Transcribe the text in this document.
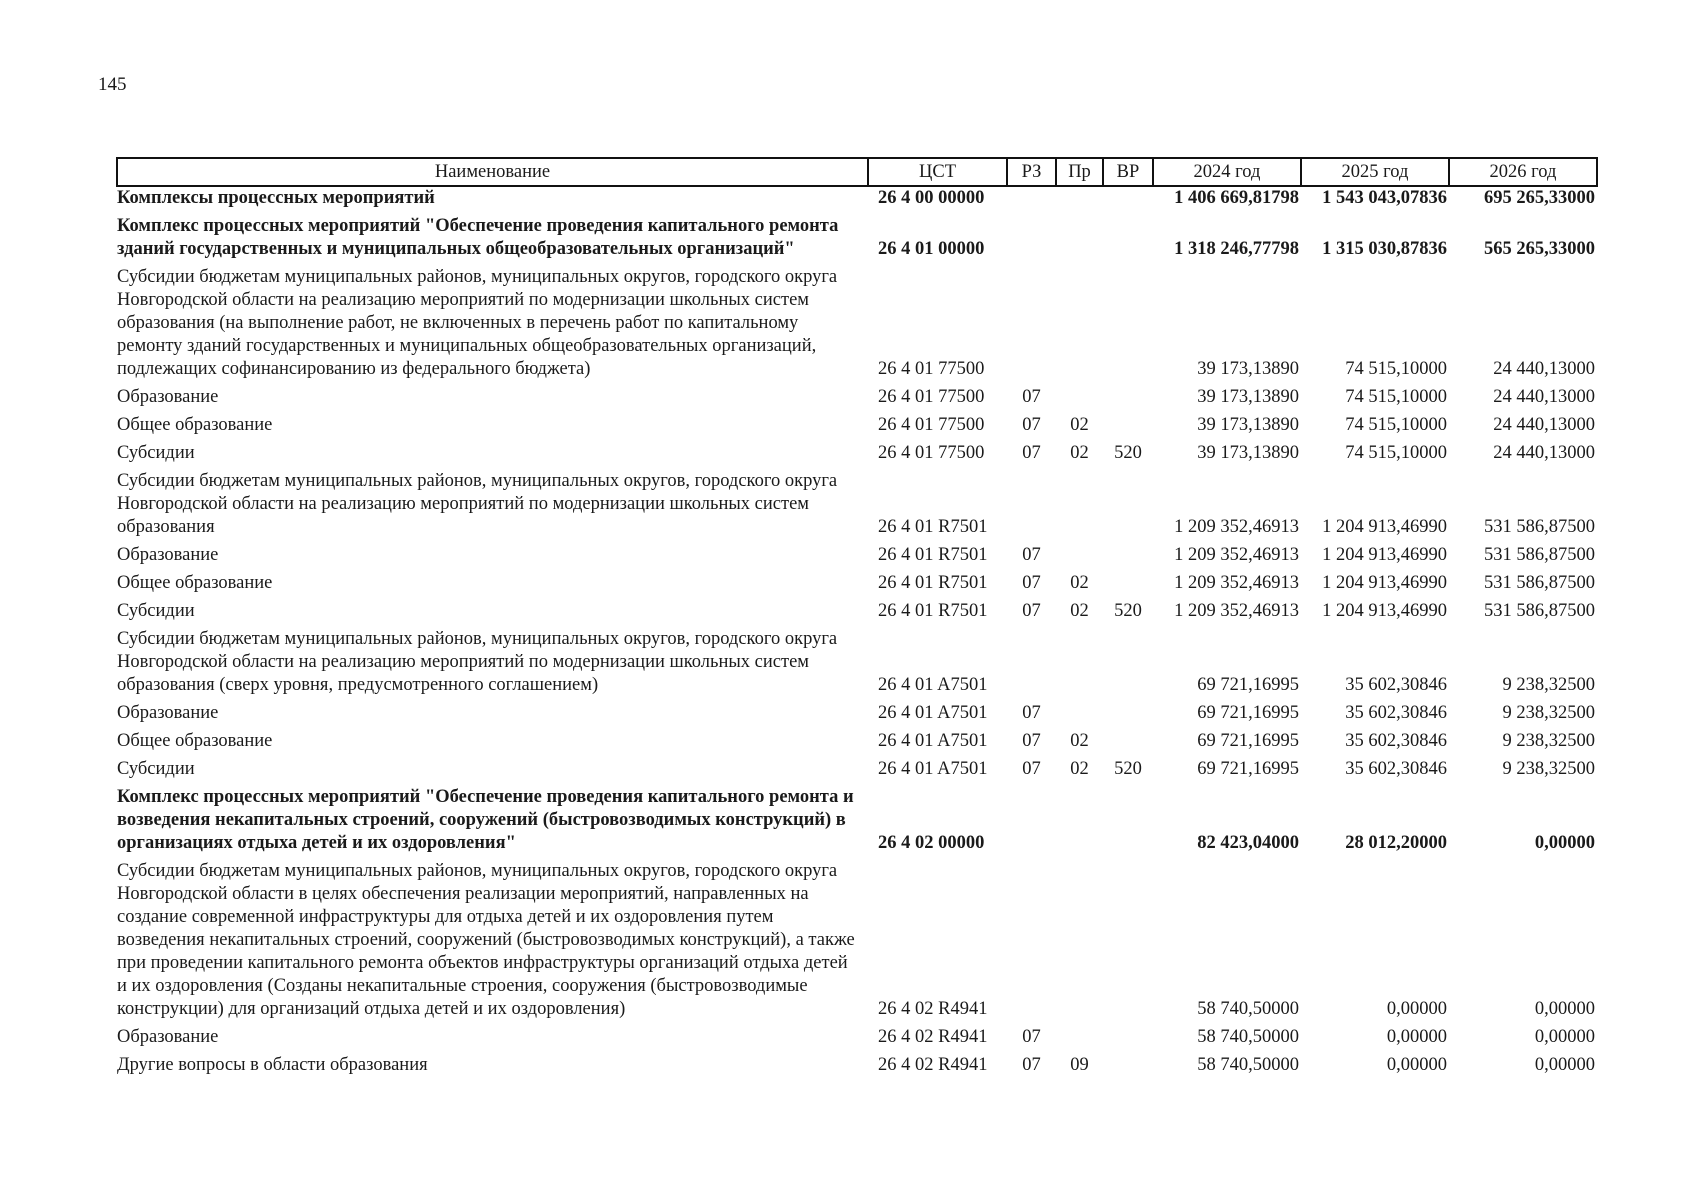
145
Наименование	ЦСТ	РЗ	Пр	ВР	2024 год	2025 год	2026 год
Комплексы процессных мероприятий	26 4 00 00000				1 406 669,81798	1 543 043,07836	695 265,33000
Комплекс процессных мероприятий "Обеспечение проведения капитального ремонта зданий государственных и муниципальных общеобразовательных организаций"	26 4 01 00000				1 318 246,77798	1 315 030,87836	565 265,33000
Субсидии бюджетам муниципальных районов, муниципальных округов, городского округа Новгородской области на реализацию мероприятий по модернизации школьных систем образования (на выполнение работ, не включенных в перечень работ по капитальному ремонту зданий государственных и муниципальных общеобразовательных организаций, подлежащих софинансированию из федерального бюджета)	26 4 01 77500				39 173,13890	74 515,10000	24 440,13000
Образование	26 4 01 77500	07			39 173,13890	74 515,10000	24 440,13000
Общее образование	26 4 01 77500	07	02		39 173,13890	74 515,10000	24 440,13000
Субсидии	26 4 01 77500	07	02	520	39 173,13890	74 515,10000	24 440,13000
Субсидии бюджетам муниципальных районов, муниципальных округов, городского округа Новгородской области на реализацию мероприятий по модернизации школьных систем образования	26 4 01 R7501				1 209 352,46913	1 204 913,46990	531 586,87500
Образование	26 4 01 R7501	07			1 209 352,46913	1 204 913,46990	531 586,87500
Общее образование	26 4 01 R7501	07	02		1 209 352,46913	1 204 913,46990	531 586,87500
Субсидии	26 4 01 R7501	07	02	520	1 209 352,46913	1 204 913,46990	531 586,87500
Субсидии бюджетам муниципальных районов, муниципальных округов, городского округа Новгородской области на реализацию мероприятий по модернизации школьных систем образования (сверх уровня, предусмотренного соглашением)	26 4 01 A7501				69 721,16995	35 602,30846	9 238,32500
Образование	26 4 01 A7501	07			69 721,16995	35 602,30846	9 238,32500
Общее образование	26 4 01 A7501	07	02		69 721,16995	35 602,30846	9 238,32500
Субсидии	26 4 01 A7501	07	02	520	69 721,16995	35 602,30846	9 238,32500
Комплекс процессных мероприятий "Обеспечение проведения капитального ремонта и возведения некапитальных строений, сооружений (быстровозводимых конструкций) в организациях отдыха детей и их оздоровления"	26 4 02 00000				82 423,04000	28 012,20000	0,00000
Субсидии бюджетам муниципальных районов, муниципальных округов, городского округа Новгородской области в целях обеспечения реализации мероприятий, направленных на создание современной инфраструктуры для отдыха детей и их оздоровления путем возведения некапитальных строений, сооружений (быстровозводимых конструкций), а также при проведении капитального ремонта объектов инфраструктуры организаций отдыха детей и их оздоровления (Созданы некапитальные строения, сооружения (быстровозводимые конструкции) для организаций отдыха детей и их оздоровления)	26 4 02 R4941				58 740,50000	0,00000	0,00000
Образование	26 4 02 R4941	07			58 740,50000	0,00000	0,00000
Другие вопросы в области образования	26 4 02 R4941	07	09		58 740,50000	0,00000	0,00000
